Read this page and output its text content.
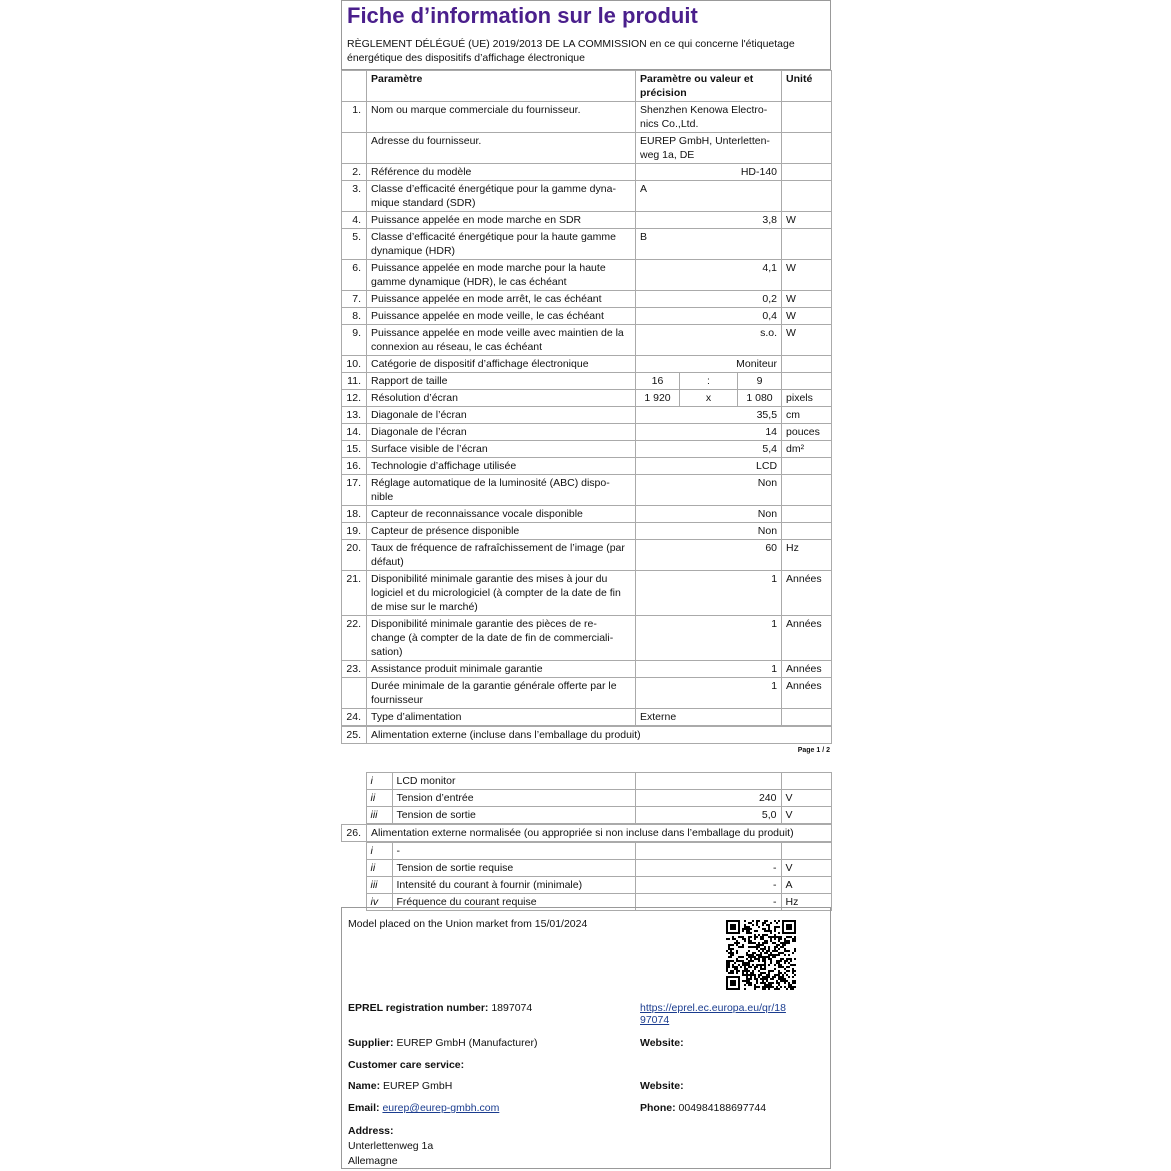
Fiche d’information sur le produit
RÈGLEMENT DÉLÉGUÉ (UE) 2019/2013 DE LA COMMISSION en ce qui concerne l'étiquetage énergétique des dispositifs d’affichage électronique
	Paramètre	Paramètre ou valeur et précision			Unité
1.	Nom ou marque commerciale du fournisseur.	Shenzhen Kenowa Electro-nics Co.,Ltd.			
	Adresse du fournisseur.	EUREP GmbH, Unterletten-weg 1a, DE			
2.	Référence du modèle	HD-140			
3.	Classe d’efficacité énergétique pour la gamme dyna-mique standard (SDR)	A			
4.	Puissance appelée en mode marche en SDR	3,8			W
5.	Classe d’efficacité énergétique pour la haute gamme dynamique (HDR)	B			
6.	Puissance appelée en mode marche pour la haute gamme dynamique (HDR), le cas échéant	4,1			W
7.	Puissance appelée en mode arrêt, le cas échéant	0,2			W
8.	Puissance appelée en mode veille, le cas échéant	0,4			W
9.	Puissance appelée en mode veille avec maintien de la connexion au réseau, le cas échéant	s.o.			W
10.	Catégorie de dispositif d’affichage électronique	Moniteur			
11.	Rapport de taille	16	:	9	
12.	Résolution d’écran	1 920	x	1 080	pixels
13.	Diagonale de l’écran	35,5			cm
14.	Diagonale de l’écran	14			pouces
15.	Surface visible de l’écran	5,4			dm²
16.	Technologie d’affichage utilisée	LCD			
17.	Réglage automatique de la luminosité (ABC) dispo-nible	Non			
18.	Capteur de reconnaissance vocale disponible	Non			
19.	Capteur de présence disponible	Non			
20.	Taux de fréquence de rafraîchissement de l’image (par défaut)	60			Hz
21.	Disponibilité minimale garantie des mises à jour du logiciel et du micrologiciel (à compter de la date de fin de mise sur le marché)	1			Années
22.	Disponibilité minimale garantie des pièces de re-change (à compter de la date de fin de commerciali-sation)	1			Années
23.	Assistance produit minimale garantie	1			Années
	Durée minimale de la garantie générale offerte par le fournisseur	1			Années
24.	Type d’alimentation	Externe			
25.	Alimentation externe (incluse dans l’emballage du produit)
Page 1 / 2
	i	LCD monitor		
	ii	Tension d’entrée	240	V
	iii	Tension de sortie	5,0	V
26.	Alimentation externe normalisée (ou appropriée si non incluse dans l’emballage du produit)
	i	-		
	ii	Tension de sortie requise	-	V
	iii	Intensité du courant à fournir (minimale)	-	A
	iv	Fréquence du courant requise	-	Hz
Model placed on the Union market from 15/01/2024
EPREL registration number: 1897074	https://eprel.ec.europa.eu/qr/18
97074
Supplier: EUREP GmbH (Manufacturer)	Website:
Customer care service:
Name: EUREP GmbH	Website:
Email: eurep@eurep-gmbh.com	Phone: 004984188697744
Address:
Unterlettenweg 1a
Allemagne
